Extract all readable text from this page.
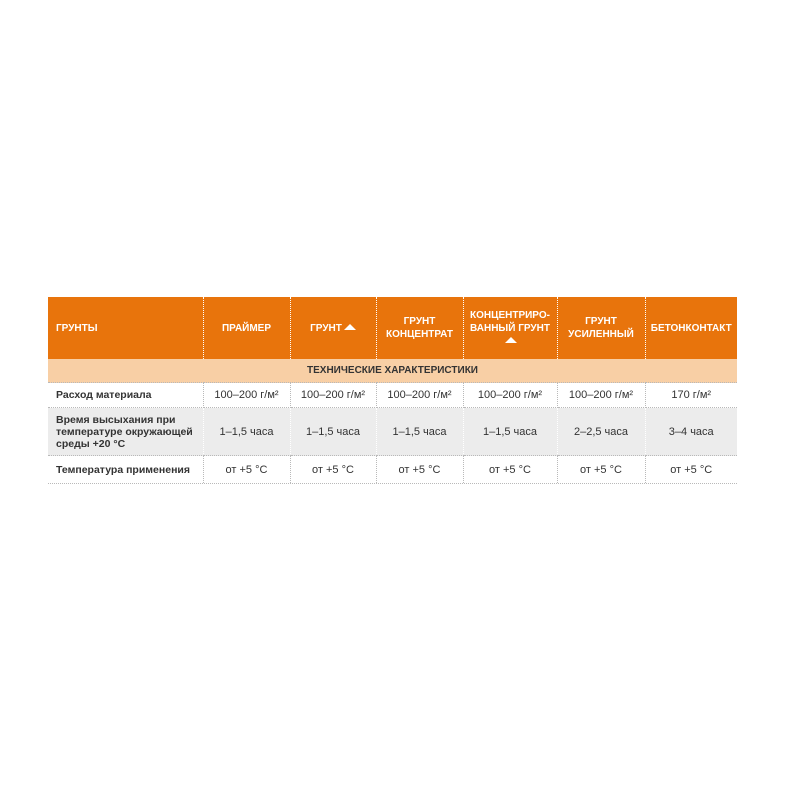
ГРУНТЫ	ПРАЙМЕР	ГРУНТ	ГРУНТ КОНЦЕНТРАТ	КОНЦЕНТРИРО-ВАННЫЙ ГРУНТ	ГРУНТ УСИЛЕННЫЙ	БЕТОНКОНТАКТ
ТЕХНИЧЕСКИЕ ХАРАКТЕРИСТИКИ						
Расход материала	100–200 г/м²	100–200 г/м²	100–200 г/м²	100–200 г/м²	100–200 г/м²	170 г/м²
Время высыхания при температуре окружающей среды +20 °С	1–1,5 часа	1–1,5 часа	1–1,5 часа	1–1,5 часа	2–2,5 часа	3–4 часа
Температура применения	от +5 °С	от +5 °С	от +5 °С	от +5 °С	от +5 °С	от +5 °С
